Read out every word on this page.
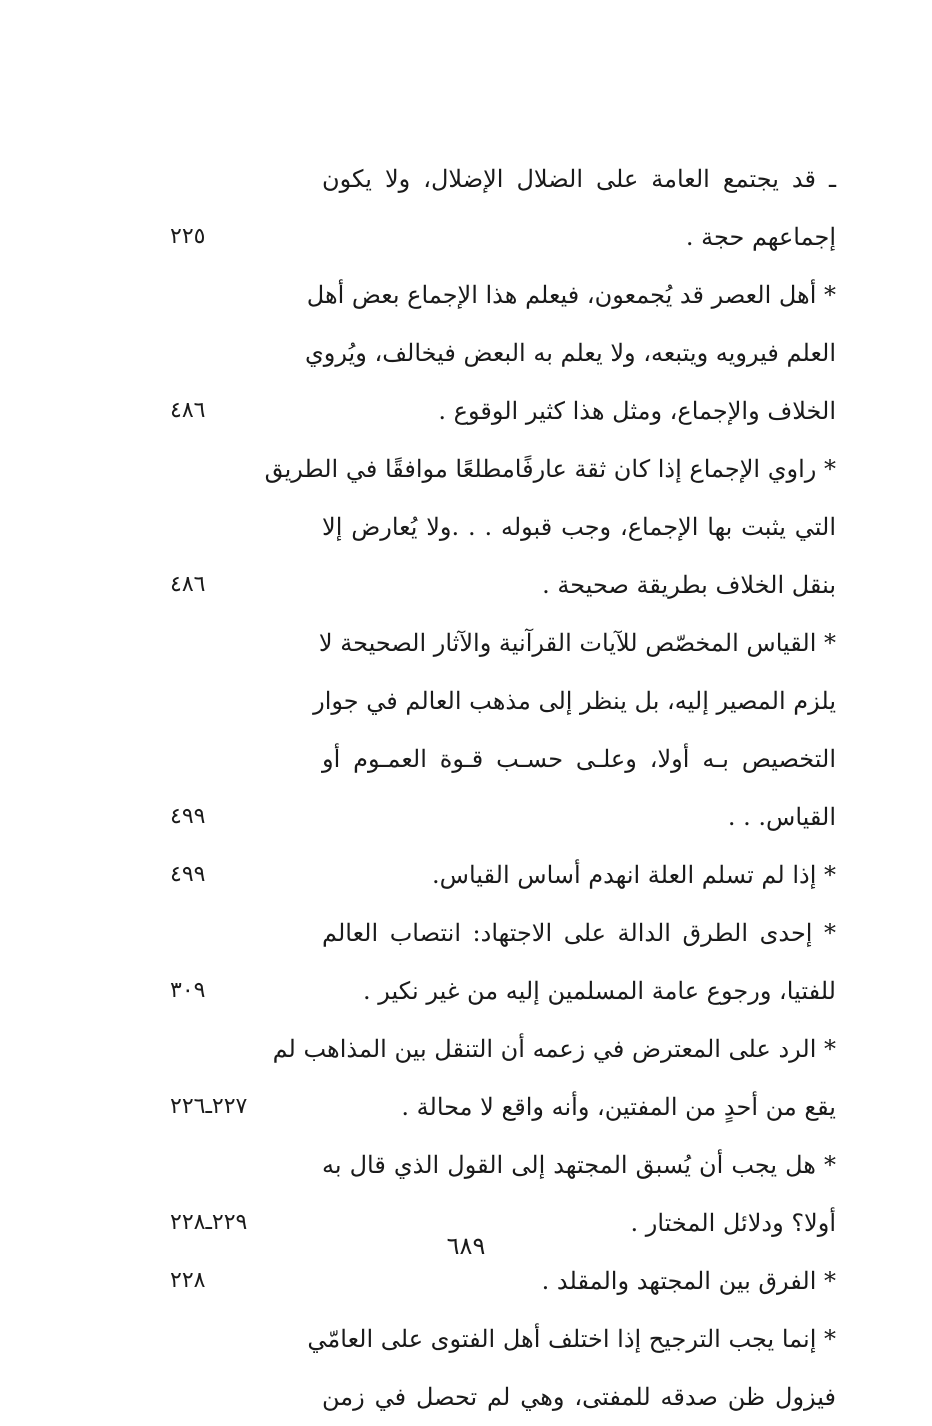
ـ قد يجتمع العامة على الضلال الإضلال، ولا يكون
إجماعهم حجة .
* أهل العصر قد يُجمعون، فيعلم هذا الإجماع بعض أهل
العلم فيرويه ويتبعه، ولا يعلم به البعض فيخالف، ويُروي
الخلاف والإجماع، ومثل هذا كثير الوقوع .
* راوي الإجماع إذا كان ثقة عارفًامطلعًا موافقًا في الطريق
التي يثبت بها الإجماع، وجب قبوله . . .ولا يُعارض إلا
بنقل الخلاف بطريقة صحيحة .
* القياس المخصّص للآيات القرآنية والآثار الصحيحة لا
يلزم المصير إليه، بل ينظر إلى مذهب العالم في جوار
التخصيص بـه أولا، وعلـى حسـب قـوة العمـوم أو
القياس. . .
* إذا لم تسلم العلة انهدم أساس القياس.
* إحدى الطرق الدالة على الاجتهاد: انتصاب العالم
للفتيا، ورجوع عامة المسلمين إليه من غير نكير .
* الرد على المعترض في زعمه أن التنقل بين المذاهب لم
يقع من أحدٍ من المفتين، وأنه واقع لا محالة .
* هل يجب أن يُسبق المجتهد إلى القول الذي قال به
أولا؟ ودلائل المختار .
* الفرق بين المجتهد والمقلد .
* إنما يجب الترجيح إذا اختلف أهل الفتوى على العامّي
فيزول ظن صدقه للمفتى، وهي لم تحصل في زمن
٢٢٥
٤٨٦
٤٨٦
٤٩٩
٤٩٩
٣٠٩
٢٢٧ـ٢٢٦
٢٢٩ـ٢٢٨
٢٢٨
٦٨٩
